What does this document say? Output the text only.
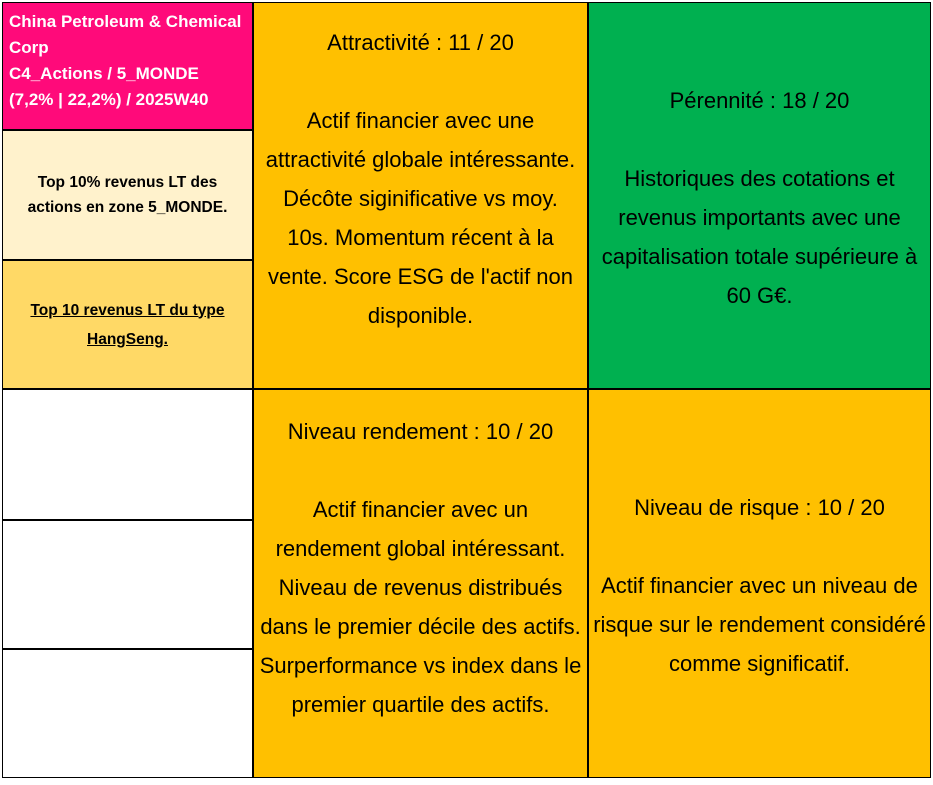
China Petroleum & Chemical
Corp
C4_Actions / 5_MONDE
(7,2% | 22,2%) / 2025W40
Top 10% revenus LT des actions en zone 5_MONDE.
Top 10 revenus LT du type HangSeng.
Attractivité : 11 / 20
Actif financier avec une attractivité globale intéressante. Décôte siginificative vs moy. 10s. Momentum récent à la vente. Score ESG de l'actif non disponible.
Pérennité : 18 / 20
Historiques des cotations et revenus importants avec une capitalisation totale supérieure à 60 G€.
Niveau rendement : 10 / 20
Actif financier avec un rendement global intéressant. Niveau de revenus distribués dans le premier décile des actifs. Surperformance vs index dans le premier quartile des actifs.
Niveau de risque : 10 / 20
Actif financier avec un niveau de risque sur le rendement considéré comme significatif.
